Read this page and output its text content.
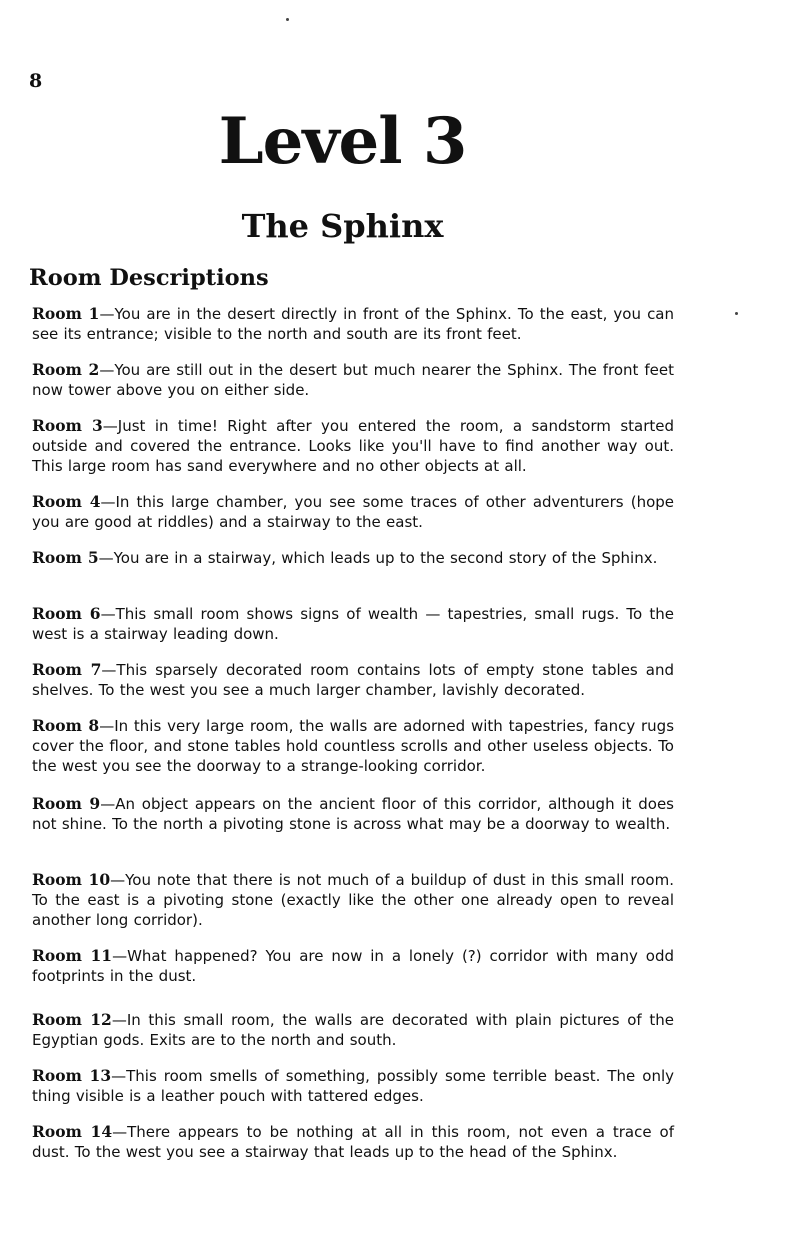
8
Level 3
The Sphinx
Room Descriptions

Room 1—You are in the desert directly in front of the Sphinx. To the east, you can see its entrance; visible to the north and south are its front feet.

Room 2—You are still out in the desert but much nearer the Sphinx. The front feet now tower above you on either side.

Room 3—Just in time! Right after you entered the room, a sandstorm started outside and covered the entrance. Looks like you'll have to find another way out. This large room has sand everywhere and no other objects at all.

Room 4—In this large chamber, you see some traces of other adventurers (hope you are good at riddles) and a stairway to the east.

Room 5—You are in a stairway, which leads up to the second story of the Sphinx.

Room 6—This small room shows signs of wealth — tapestries, small rugs. To the west is a stairway leading down.

Room 7—This sparsely decorated room contains lots of empty stone tables and shelves. To the west you see a much larger chamber, lavishly decorated.

Room 8—In this very large room, the walls are adorned with tapestries, fancy rugs cover the floor, and stone tables hold countless scrolls and other useless objects. To the west you see the doorway to a strange-looking corridor.

Room 9—An object appears on the ancient floor of this corridor, although it does not shine. To the north a pivoting stone is across what may be a doorway to wealth.

Room 10—You note that there is not much of a buildup of dust in this small room. To the east is a pivoting stone (exactly like the other one already open to reveal another long corridor).

Room 11—What happened? You are now in a lonely (?) corridor with many odd footprints in the dust.

Room 12—In this small room, the walls are decorated with plain pictures of the Egyptian gods. Exits are to the north and south.

Room 13—This room smells of something, possibly some terrible beast. The only thing visible is a leather pouch with tattered edges.

Room 14—There appears to be nothing at all in this room, not even a trace of dust. To the west you see a stairway that leads up to the head of the Sphinx.
